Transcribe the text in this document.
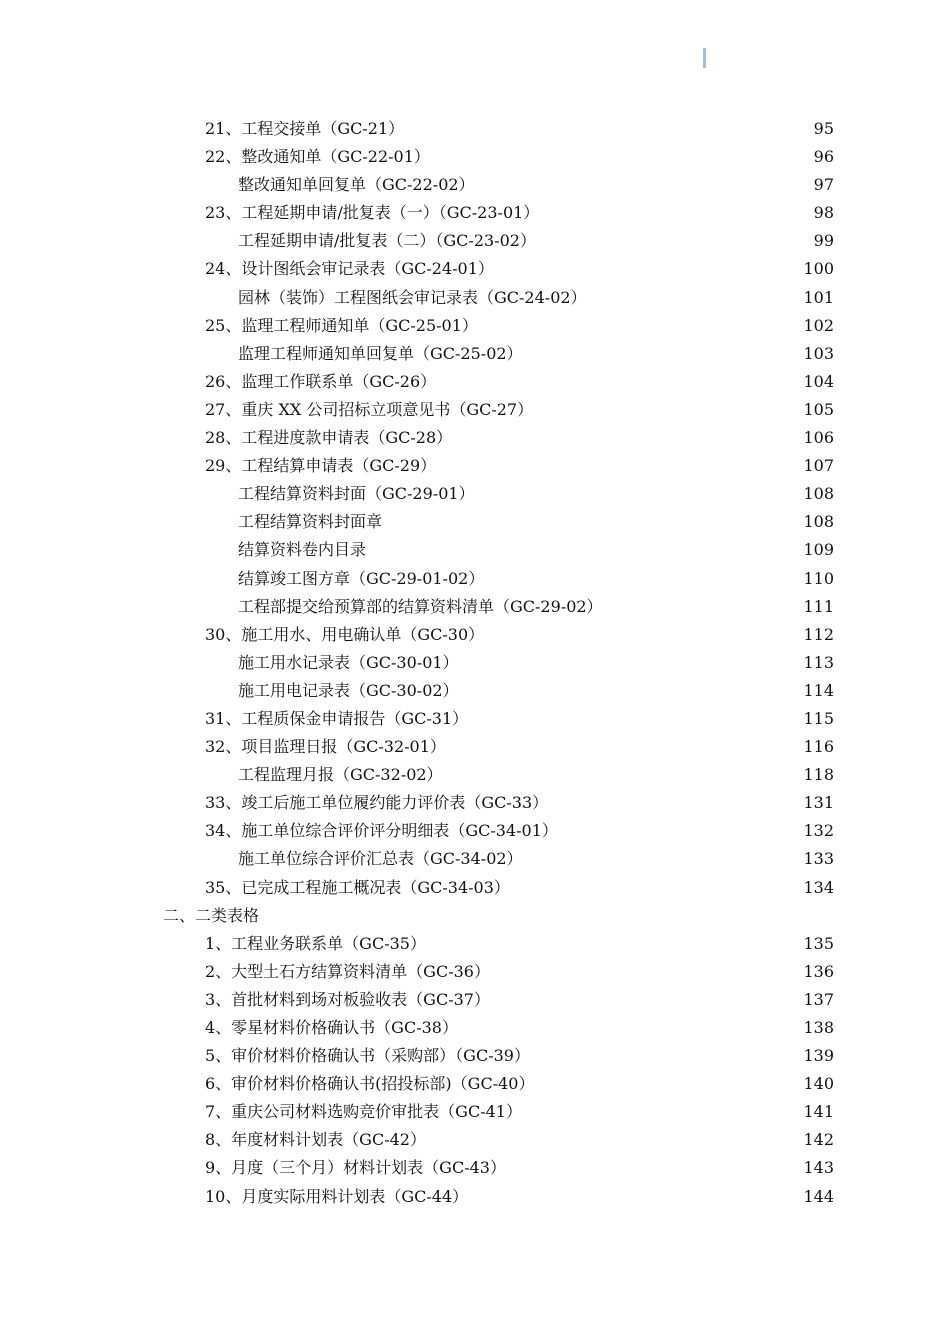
21、工程交接单（GC-21）	95
22、整改通知单（GC-22-01）	96
整改通知单回复单（GC-22-02）	97
23、工程延期申请/批复表（一）（GC-23-01）	98
工程延期申请/批复表（二）（GC-23-02）	99
24、设计图纸会审记录表（GC-24-01）	100
园林（装饰）工程图纸会审记录表（GC-24-02）	101
25、监理工程师通知单（GC-25-01）	102
监理工程师通知单回复单（GC-25-02）	103
26、监理工作联系单（GC-26）	104
27、重庆 XX 公司招标立项意见书（GC-27）	105
28、工程进度款申请表（GC-28）	106
29、工程结算申请表（GC-29）	107
工程结算资料封面（GC-29-01）	108
工程结算资料封面章	108
结算资料卷内目录	109
结算竣工图方章（GC-29-01-02）	110
工程部提交给预算部的结算资料清单（GC-29-02）	111
30、施工用水、用电确认单（GC-30）	112
施工用水记录表（GC-30-01）	113
施工用电记录表（GC-30-02）	114
31、工程质保金申请报告（GC-31）	115
32、项目监理日报（GC-32-01）	116
工程监理月报（GC-32-02）	118
33、竣工后施工单位履约能力评价表（GC-33）	131
34、施工单位综合评价评分明细表（GC-34-01）	132
施工单位综合评价汇总表（GC-34-02）	133
35、已完成工程施工概况表（GC-34-03）	134
二、二类表格
1、工程业务联系单（GC-35）	135
2、大型土石方结算资料清单（GC-36）	136
3、首批材料到场对板验收表（GC-37）	137
4、零星材料价格确认书（GC-38）	138
5、审价材料价格确认书（采购部）（GC-39）	139
6、审价材料价格确认书(招投标部)（GC-40）	140
7、重庆公司材料选购竞价审批表（GC-41）	141
8、年度材料计划表（GC-42）	142
9、月度（三个月）材料计划表（GC-43）	143
10、月度实际用料计划表（GC-44）	144
